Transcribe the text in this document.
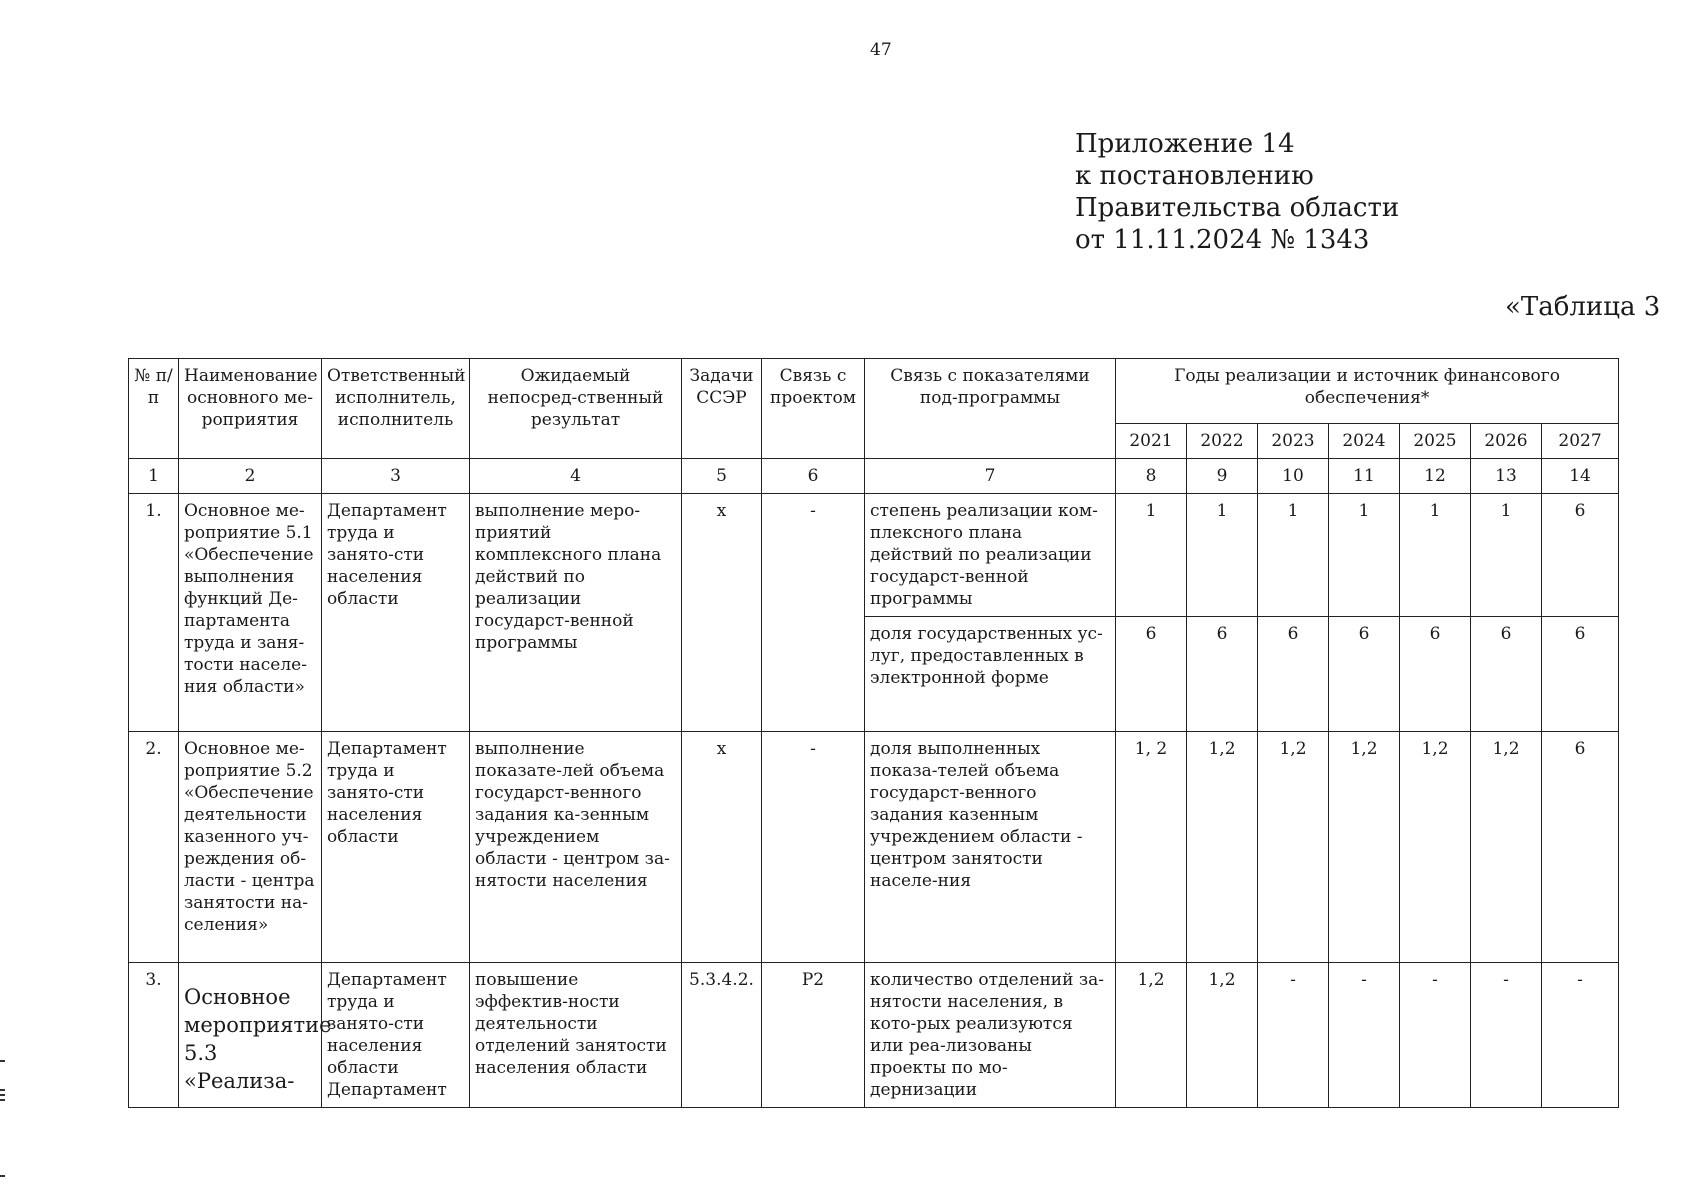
47
Приложение 14
к постановлению
Правительства области
от 11.11.2024 № 1343
«Таблица 3
№ п/п	Наименование основного ме-роприятия	Ответственный исполнитель, исполнитель	Ожидаемый непосред-ственный результат	Задачи ССЭР	Связь с проектом	Связь с показателями под-программы	Годы реализации и источник финансового обеспечения*						
							2021	2022	2023	2024	2025	2026	2027
1	2	3	4	5	6	7	8	9	10	11	12	13	14
1.	Основное ме-роприятие 5.1 «Обеспечение выполнения функций Де-партамента труда и заня-тости населе-ния области»	Департамент труда и занято-сти населения области	выполнение меро-приятий комплексного плана действий по реализации государст-венной программы	х	-	степень реализации ком-плексного плана действий по реализации государст-венной программы	1	1	1	1	1	1	6
						доля государственных ус-луг, предоставленных в электронной форме	6	6	6	6	6	6	6
2.	Основное ме-роприятие 5.2 «Обеспечение деятельности казенного уч-реждения об-ласти - центра занятости на-селения»	Департамент труда и занято-сти населения области	выполнение показате-лей объема государст-венного задания ка-зенным учреждением области - центром за-нятости населения	х	-	доля выполненных показа-телей объема государст-венного задания казенным учреждением области - центром занятости населе-ния	1, 2	1,2	1,2	1,2	1,2	1,2	6
3.	Основное мероприятие 5.3 «Реализа-	Департамент труда и занято-сти населения области Департамент	повышение эффектив-ности деятельности отделений занятости населения области	5.3.4.2.	Р2	количество отделений за-нятости населения, в кото-рых реализуются или реа-лизованы проекты по мо-дернизации	1,2	1,2	-	-	-	-	-
